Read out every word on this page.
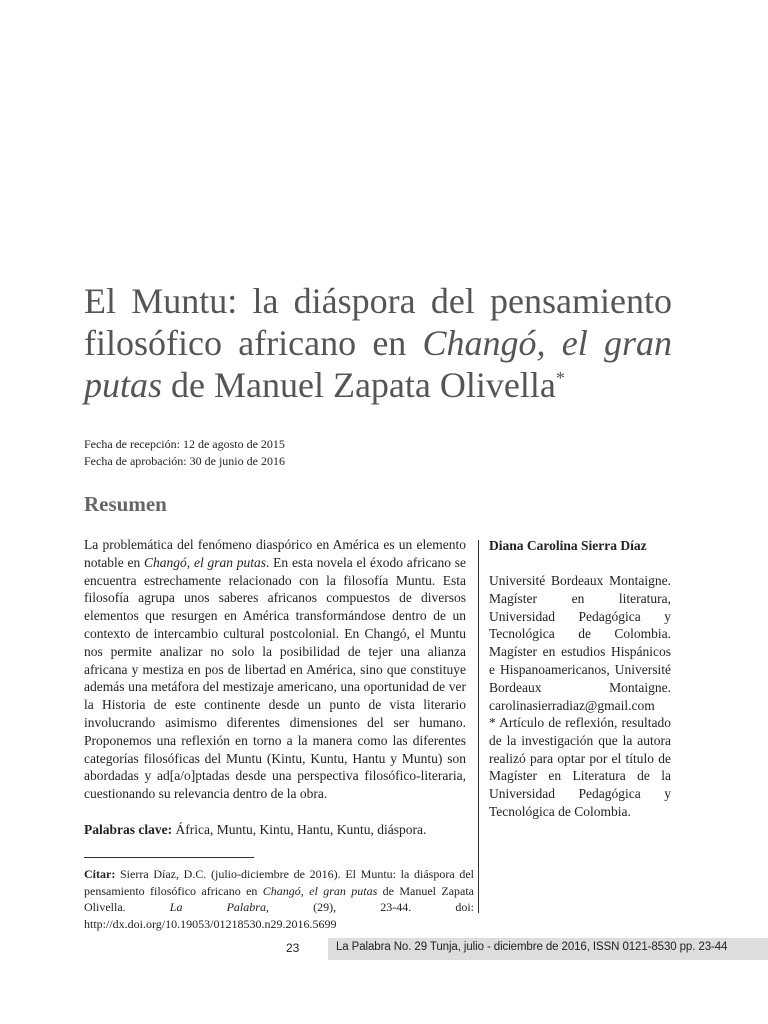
El Muntu: la diáspora del pensamiento filosófico africano en Changó, el gran putas de Manuel Zapata Olivella*
Fecha de recepción: 12 de agosto de 2015
Fecha de aprobación: 30 de junio de 2016
Resumen
La problemática del fenómeno diaspórico en América es un elemento notable en Changó, el gran putas. En esta novela el éxodo africano se encuentra estrechamente relacionado con la filosofía Muntu. Esta filosofía agrupa unos saberes africanos compuestos de diversos elementos que resurgen en América transformándose dentro de un contexto de intercambio cultural postcolonial. En Changó, el Muntu nos permite analizar no solo la posibilidad de tejer una alianza africana y mestiza en pos de libertad en América, sino que constituye además una metáfora del mestizaje americano, una oportunidad de ver la Historia de este continente desde un punto de vista literario involucrando asimismo diferentes dimensiones del ser humano. Proponemos una reflexión en torno a la manera como las diferentes categorías filosóficas del Muntu (Kintu, Kuntu, Hantu y Muntu) son abordadas y ad[a/o]ptadas desde una perspectiva filosófico-literaria, cuestionando su relevancia dentro de la obra.
Palabras clave: África, Muntu, Kintu, Hantu, Kuntu, diáspora.
Citar: Sierra Díaz, D.C. (julio-diciembre de 2016). El Muntu: la diáspora del pensamiento filosófico africano en Changó, el gran putas de Manuel Zapata Olivella. La Palabra, (29), 23-44. doi: http://dx.doi.org/10.19053/01218530.n29.2016.5699
Diana Carolina Sierra Díaz
Université Bordeaux Montaigne. Magíster en literatura, Universidad Pedagógica y Tecnológica de Colombia. Magíster en estudios Hispánicos e Hispanoamericanos, Université Bordeaux Montaigne. carolinasierradiaz@gmail.com
* Artículo de reflexión, resultado de la investigación que la autora realizó para optar por el título de Magíster en Literatura de la Universidad Pedagógica y Tecnológica de Colombia.
23	La Palabra No. 29 Tunja, julio - diciembre de 2016, ISSN 0121-8530 pp. 23-44
